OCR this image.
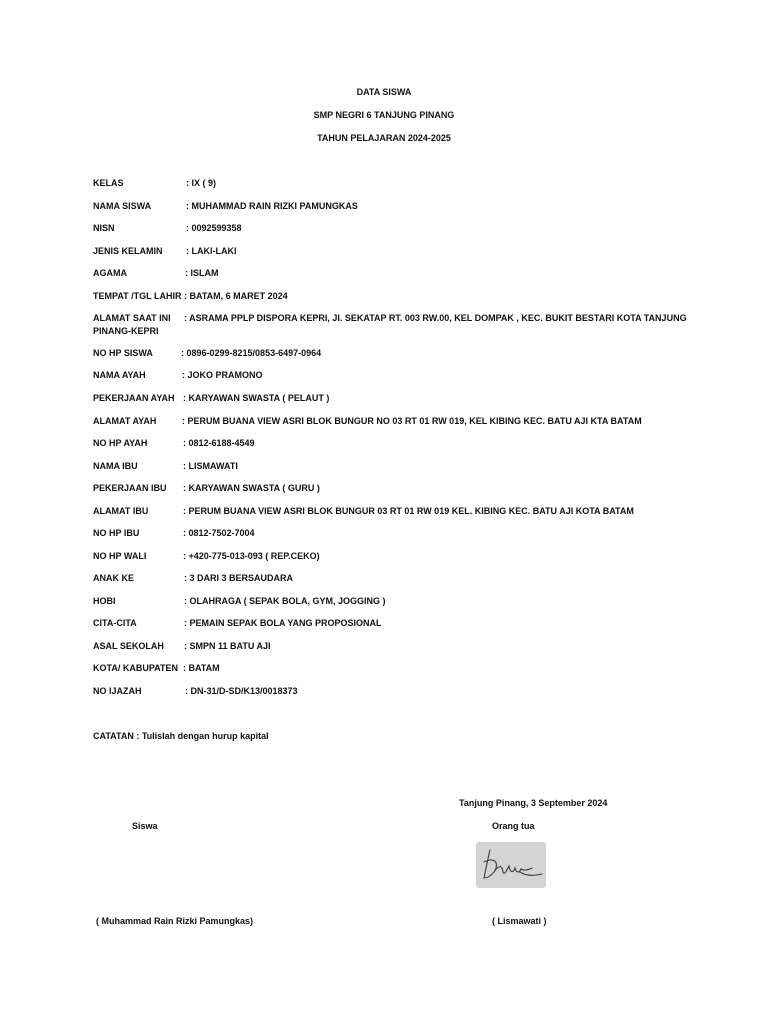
DATA SISWA
SMP NEGRI 6 TANJUNG PINANG
TAHUN PELAJARAN 2024-2025
KELAS	: IX ( 9)
NAMA SISWA	: MUHAMMAD RAIN RIZKI PAMUNGKAS
NISN	: 0092599358
JENIS KELAMIN	: LAKI-LAKI
AGAMA	: ISLAM
TEMPAT /TGL LAHIR : BATAM, 6 MARET 2024
ALAMAT SAAT INI : ASRAMA PPLP DISPORA KEPRI, JI. SEKATAP RT. 003 RW.00, KEL DOMPAK , KEC. BUKIT BESTARI KOTA TANJUNG
PINANG-KEPRI
NO HP SISWA	: 0896-0299-8215/0853-6497-0964
NAMA AYAH	: JOKO PRAMONO
PEKERJAAN AYAH : KARYAWAN SWASTA ( PELAUT )
ALAMAT AYAH	: PERUM BUANA VIEW ASRI BLOK BUNGUR NO 03 RT 01 RW 019, KEL KIBING KEC. BATU AJI KTA BATAM
NO HP AYAH	: 0812-6188-4549
NAMA IBU	: LISMAWATI
PEKERJAAN IBU : KARYAWAN SWASTA ( GURU )
ALAMAT IBU	: PERUM BUANA VIEW ASRI BLOK BUNGUR 03 RT 01 RW 019 KEL. KIBING KEC. BATU AJI KOTA BATAM
NO HP IBU	: 0812-7502-7004
NO HP WALI	: +420-775-013-093 ( REP.CEKO)
ANAK KE	: 3 DARI 3 BERSAUDARA
HOBI	: OLAHRAGA ( SEPAK BOLA, GYM, JOGGING )
CITA-CITA	: PEMAIN SEPAK BOLA YANG PROPOSIONAL
ASAL SEKOLAH : SMPN 11 BATU AJI
KOTA/ KABUPATEN : BATAM
NO IJAZAH	: DN-31/D-SD/K13/0018373
CATATAN : Tulislah dengan hurup kapital
Tanjung Pinang, 3 September 2024
Siswa	Orang tua
( Muhammad Rain Rizki Pamungkas)	( Lismawati )
